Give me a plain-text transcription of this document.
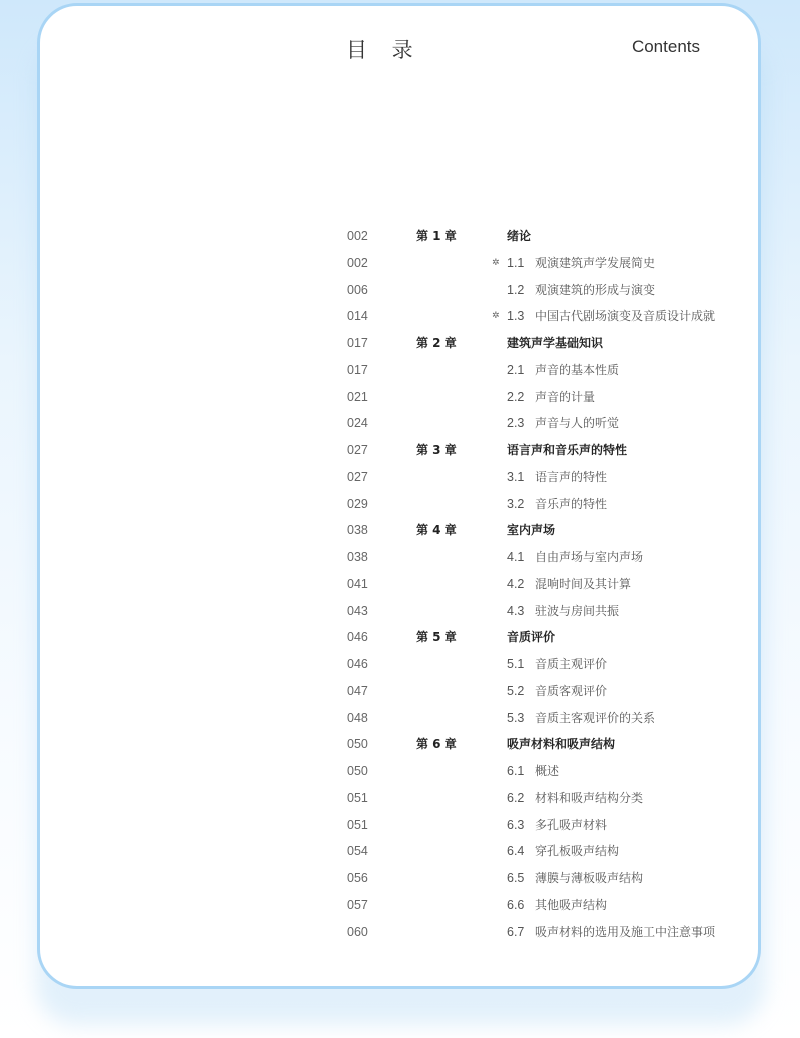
目 录	Contents
002	第 1 章	绪论
002	✲ 1.1 观演建筑声学发展简史
006	1.2 观演建筑的形成与演变
014	✲ 1.3 中国古代剧场演变及音质设计成就
017	第 2 章	建筑声学基础知识
017	2.1 声音的基本性质
021	2.2 声音的计量
024	2.3 声音与人的听觉
027	第 3 章	语言声和音乐声的特性
027	3.1 语言声的特性
029	3.2 音乐声的特性
038	第 4 章	室内声场
038	4.1 自由声场与室内声场
041	4.2 混响时间及其计算
043	4.3 驻波与房间共振
046	第 5 章	音质评价
046	5.1 音质主观评价
047	5.2 音质客观评价
048	5.3 音质主客观评价的关系
050	第 6 章	吸声材料和吸声结构
050	6.1 概述
051	6.2 材料和吸声结构分类
051	6.3 多孔吸声材料
054	6.4 穿孔板吸声结构
056	6.5 薄膜与薄板吸声结构
057	6.6 其他吸声结构
060	6.7 吸声材料的选用及施工中注意事项
